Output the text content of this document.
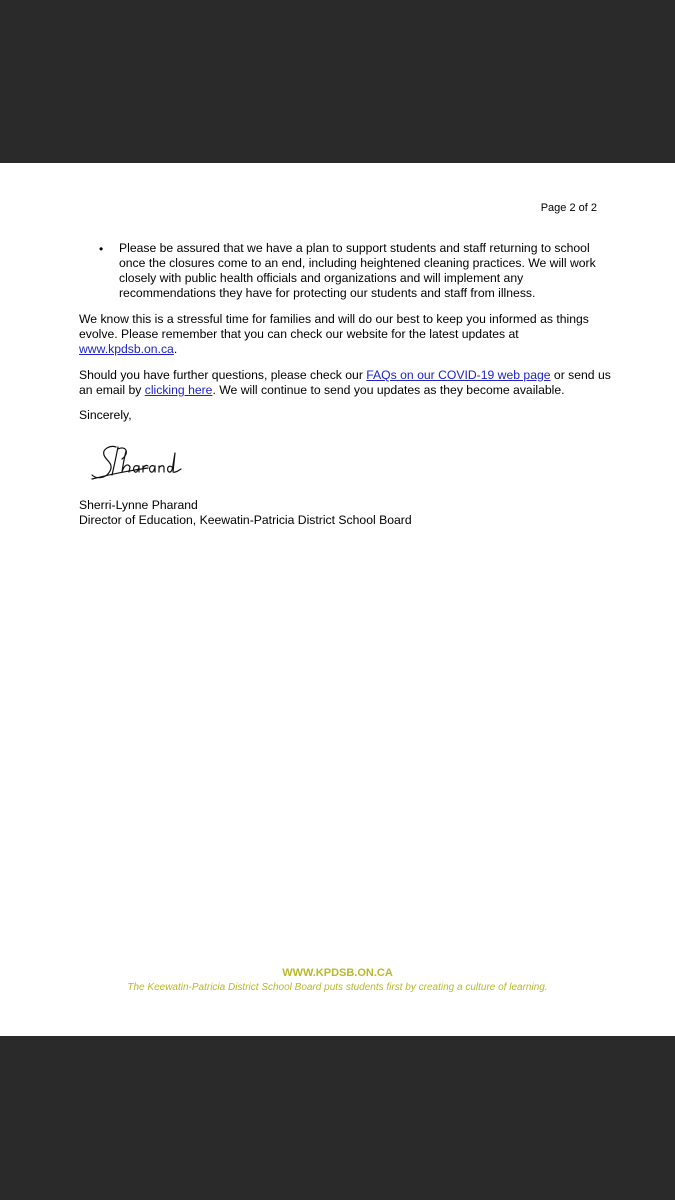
Page 2 of 2
• Please be assured that we have a plan to support students and staff returning to school once the closures come to an end, including heightened cleaning practices. We will work closely with public health officials and organizations and will implement any recommendations they have for protecting our students and staff from illness.
We know this is a stressful time for families and will do our best to keep you informed as things evolve. Please remember that you can check our website for the latest updates at www.kpdsb.on.ca.
Should you have further questions, please check our FAQs on our COVID-19 web page or send us an email by clicking here. We will continue to send you updates as they become available.
Sincerely,
Sherri-Lynne Pharand
Director of Education, Keewatin-Patricia District School Board
WWW.KPDSB.ON.CA
The Keewatin-Patricia District School Board puts students first by creating a culture of learning.
